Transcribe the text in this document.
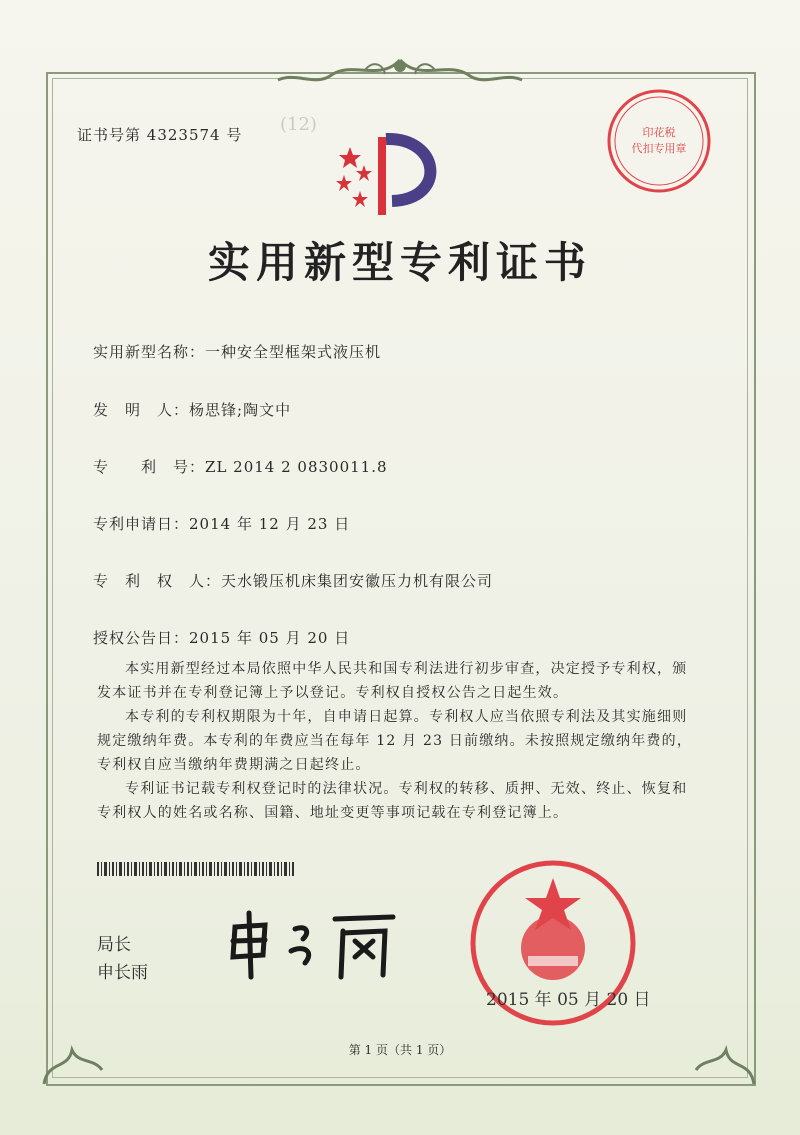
证书号第 4323574 号 (12)	印花税
代扣专用章
实用新型专利证书
实用新型名称：一种安全型框架式液压机
发　明　人：杨思锋;陶文中
专　　利　号：ZL 2014 2 0830011.8
专利申请日：2014 年 12 月 23 日
专　利　权　人：天水锻压机床集团安徽压力机有限公司
授权公告日：2015 年 05 月 20 日

本实用新型经过本局依照中华人民共和国专利法进行初步审查，决定授予专利权，颁发本证书并在专利登记簿上予以登记。专利权自授权公告之日起生效。

本专利的专利权期限为十年，自申请日起算。专利权人应当依照专利法及其实施细则规定缴纳年费。本专利的年费应当在每年 12 月 23 日前缴纳。未按照规定缴纳年费的，专利权自应当缴纳年费期满之日起终止。

专利证书记载专利权登记时的法律状况。专利权的转移、质押、无效、终止、恢复和专利权人的姓名或名称、国籍、地址变更等事项记载在专利登记簿上。

局长
申长雨
2015 年 05 月 20 日
第 1 页（共 1 页）
